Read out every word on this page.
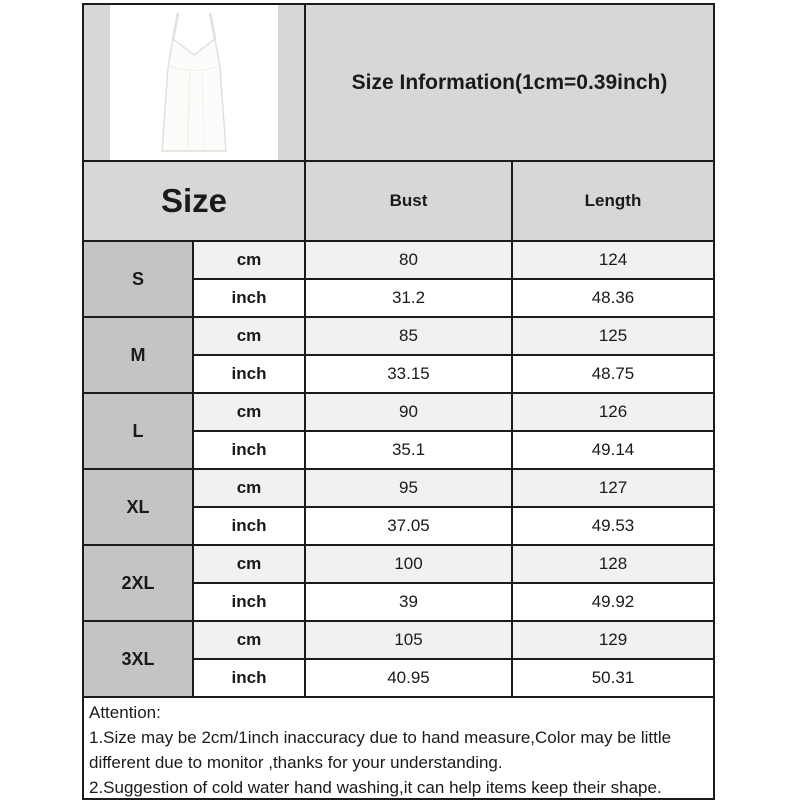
Size Information(1cm=0.39inch)
Size	Bust	Length
S
cm	80	124
inch	31.2	48.36
M
cm	85	125
inch	33.15	48.75
L
cm	90	126
inch	35.1	49.14
XL
cm	95	127
inch	37.05	49.53
2XL
cm	100	128
inch	39	49.92
3XL
cm	105	129
inch	40.95	50.31

Attention:

1.Size may be 2cm/1inch inaccuracy due to hand measure,Color may be little different due to monitor ,thanks for your understanding.

2.Suggestion of cold water hand washing,it can help items keep their shape.
